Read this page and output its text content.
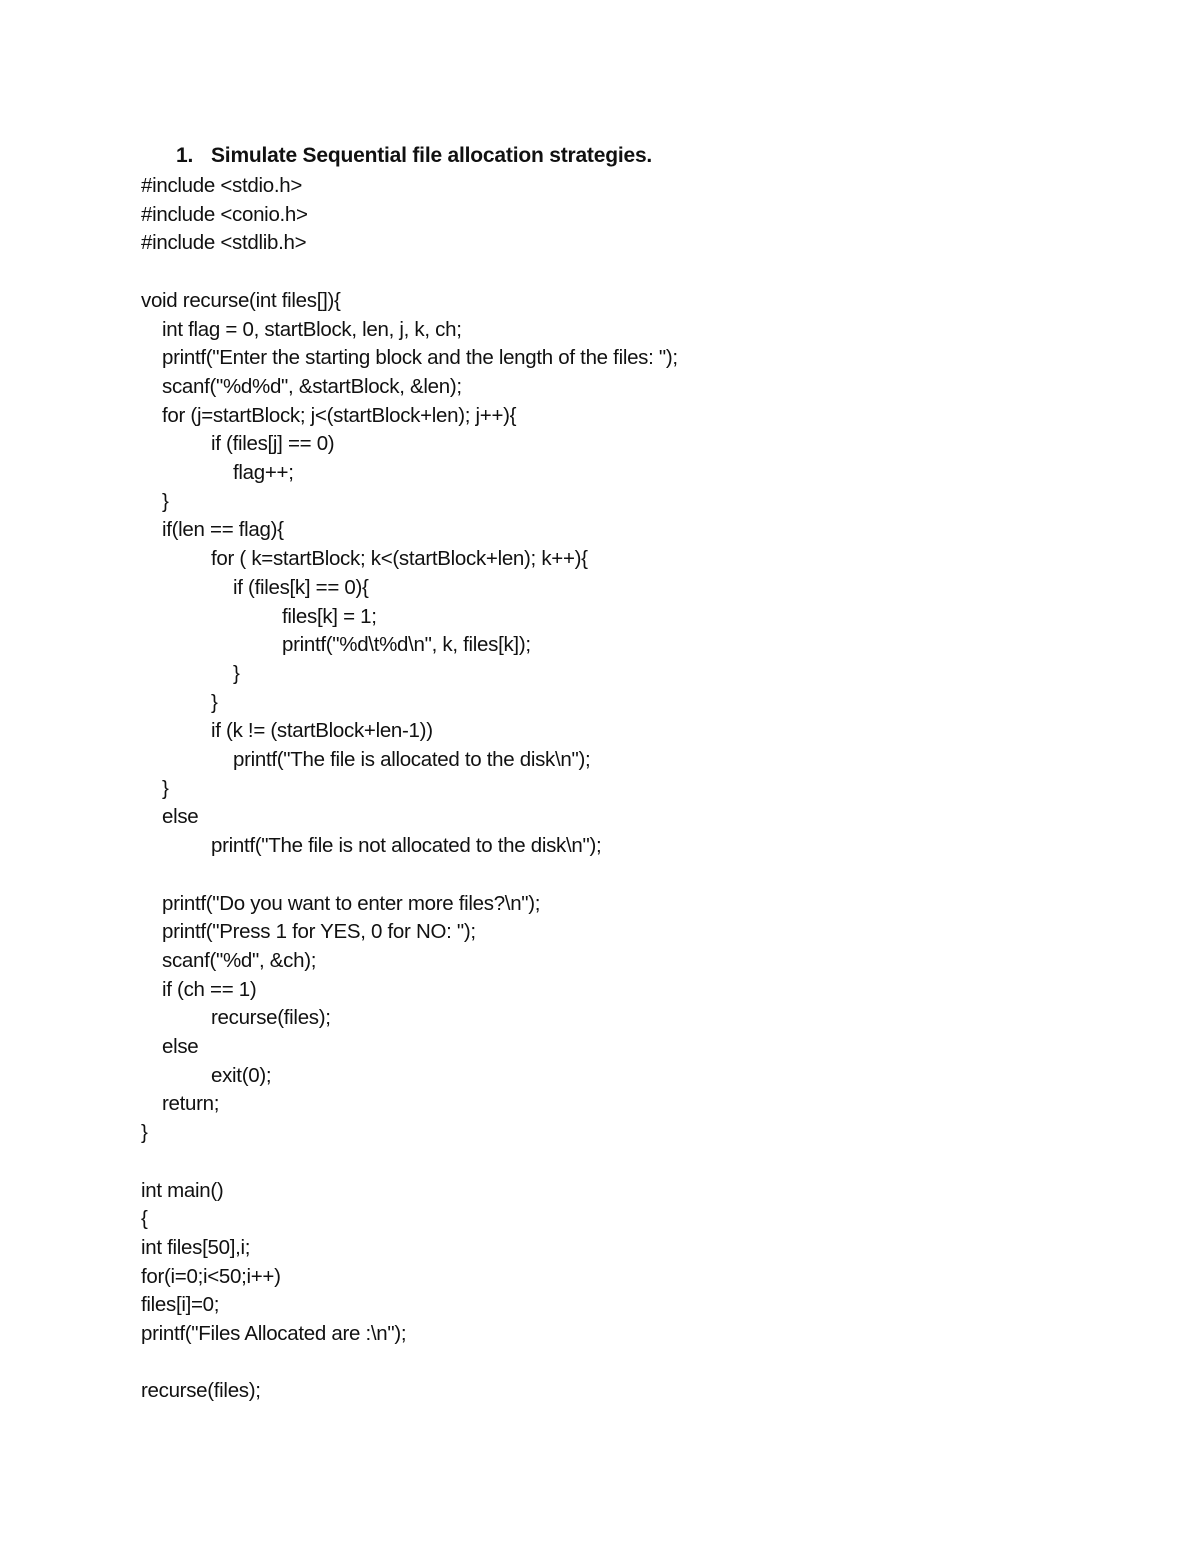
1. Simulate Sequential file allocation strategies.
#include <stdio.h>
#include <conio.h>
#include <stdlib.h>
void recurse(int files[]){
int flag = 0, startBlock, len, j, k, ch;
printf("Enter the starting block and the length of the files: ");
scanf("%d%d", &startBlock, &len);
for (j=startBlock; j<(startBlock+len); j++){
if (files[j] == 0)
flag++;
}
if(len == flag){
for ( k=startBlock; k<(startBlock+len); k++){
if (files[k] == 0){
files[k] = 1;
printf("%d\t%d\n", k, files[k]);
}
}
if (k != (startBlock+len-1))
printf("The file is allocated to the disk\n");
}
else
printf("The file is not allocated to the disk\n");
printf("Do you want to enter more files?\n");
printf("Press 1 for YES, 0 for NO: ");
scanf("%d", &ch);
if (ch == 1)
recurse(files);
else
exit(0);
return;
}
int main()
{
int files[50],i;
for(i=0;i<50;i++)
files[i]=0;
printf("Files Allocated are :\n");
recurse(files);
